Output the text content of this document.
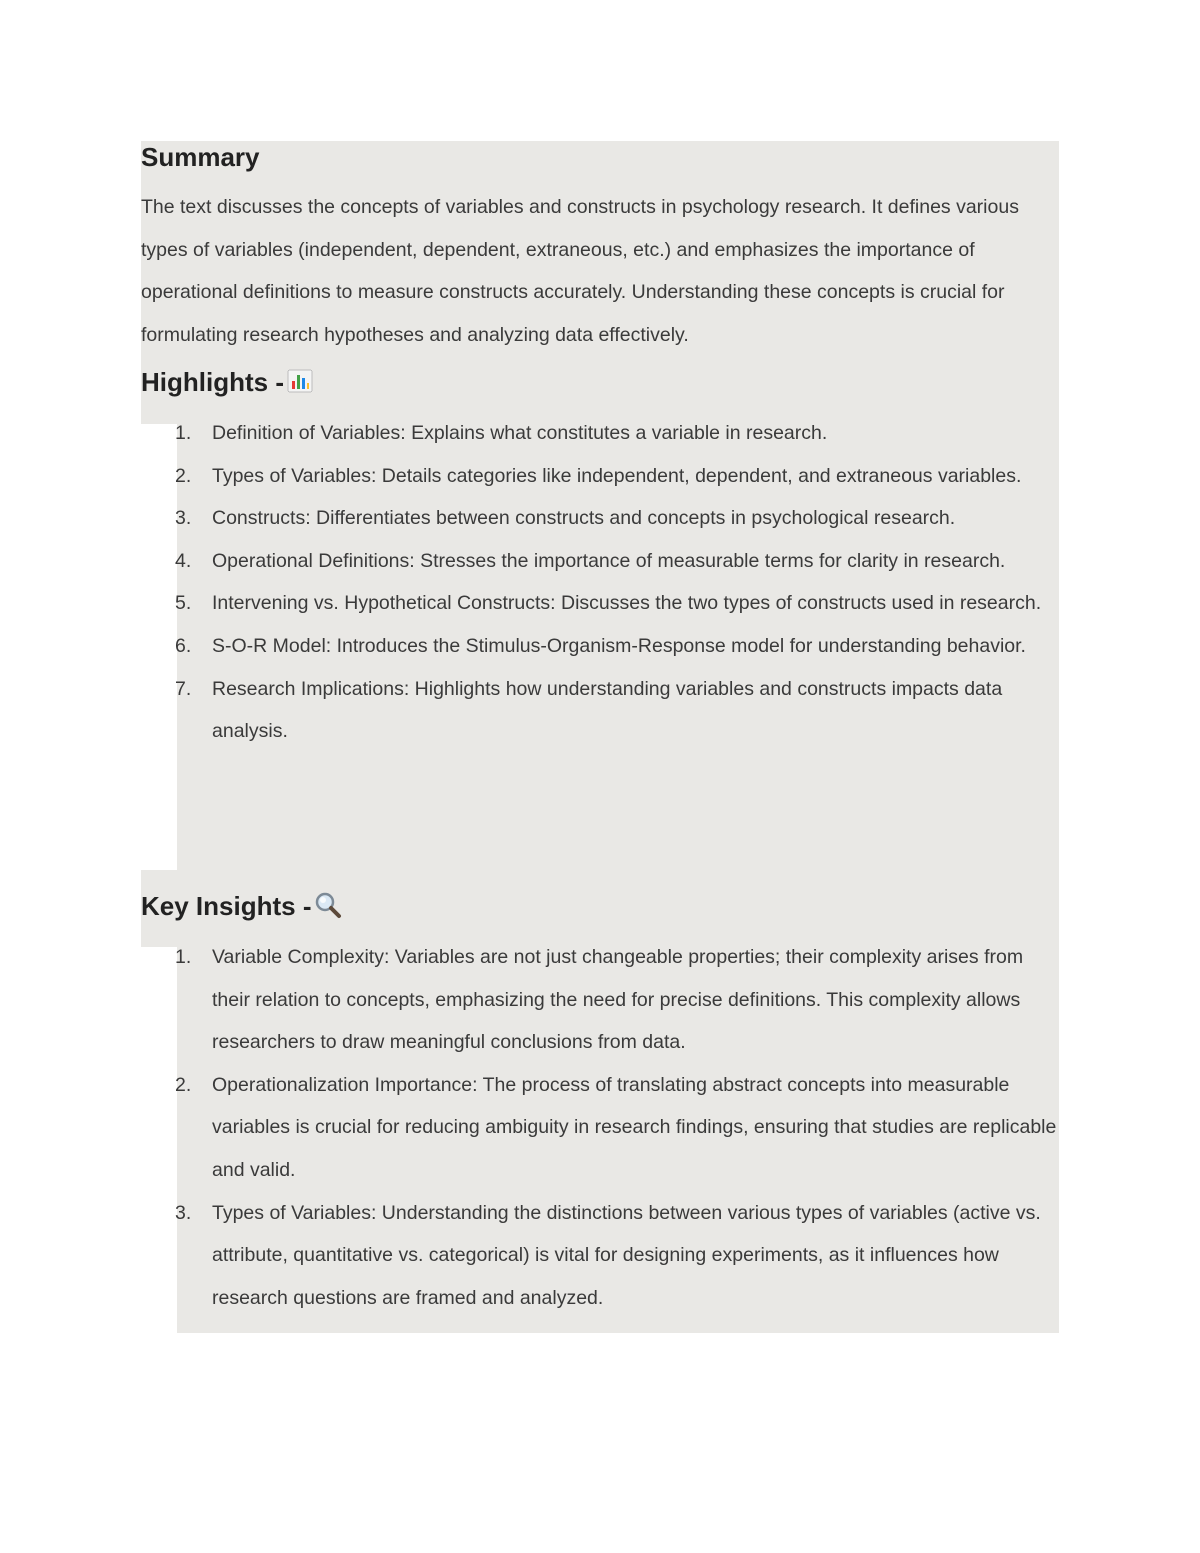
Summary

The text discusses the concepts of variables and constructs in psychology research. It defines various types of variables (independent, dependent, extraneous, etc.) and emphasizes the importance of operational definitions to measure constructs accurately. Understanding these concepts is crucial for formulating research hypotheses and analyzing data effectively.

Highlights -
1. Definition of Variables: Explains what constitutes a variable in research.
2. Types of Variables: Details categories like independent, dependent, and extraneous variables.
3. Constructs: Differentiates between constructs and concepts in psychological research.
4. Operational Definitions: Stresses the importance of measurable terms for clarity in research.
5. Intervening vs. Hypothetical Constructs: Discusses the two types of constructs used in research.
6. S-O-R Model: Introduces the Stimulus-Organism-Response model for understanding behavior.
7. Research Implications: Highlights how understanding variables and constructs impacts data analysis.
Key Insights -
1. Variable Complexity: Variables are not just changeable properties; their complexity arises from their relation to concepts, emphasizing the need for precise definitions. This complexity allows researchers to draw meaningful conclusions from data.
2. Operationalization Importance: The process of translating abstract concepts into measurable variables is crucial for reducing ambiguity in research findings, ensuring that studies are replicable and valid.
3. Types of Variables: Understanding the distinctions between various types of variables (active vs. attribute, quantitative vs. categorical) is vital for designing experiments, as it influences how research questions are framed and analyzed.
